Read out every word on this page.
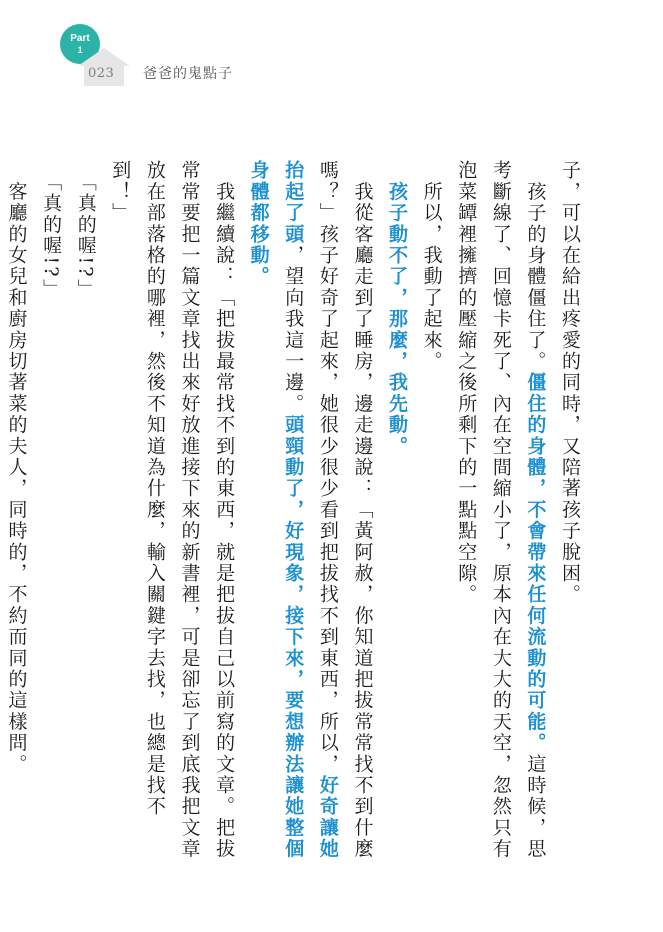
Part
1
023 爸爸的鬼點子

子，可以在給出疼愛的同時，又陪著孩子脫困。

　孩子的身體僵住了。僵住的身體，不會帶來任何流動的可能。這時候，思考斷線了、回憶卡死了、內在空間縮小了，原本內在大大的天空，忽然只有泡菜罈裡擁擠的壓縮之後所剩下的一點點空隙。

　所以，我動了起來。

　孩子動不了，那麼，我先動。

　我從客廳走到了睡房，邊走邊說：「黃阿赦，你知道把拔常常找不到什麼嗎？」孩子好奇了起來，她很少很少看到把拔找不到東西，所以，好奇讓她抬起了頭，望向我這一邊。頭頸動了，好現象，接下來，要想辦法讓她整個身體都移動。

　我繼續說：「把拔最常找不到的東西，就是把拔自己以前寫的文章。把拔常常要把一篇文章找出來好放進接下來的新書裡，可是卻忘了到底我把文章放在部落格的哪裡，然後不知道為什麼，輸入關鍵字去找，也總是找不到！」

　「真的喔!?」

　「真的喔!?」

　客廳的女兒和廚房切著菜的夫人，同時的，不約而同的這樣問。
